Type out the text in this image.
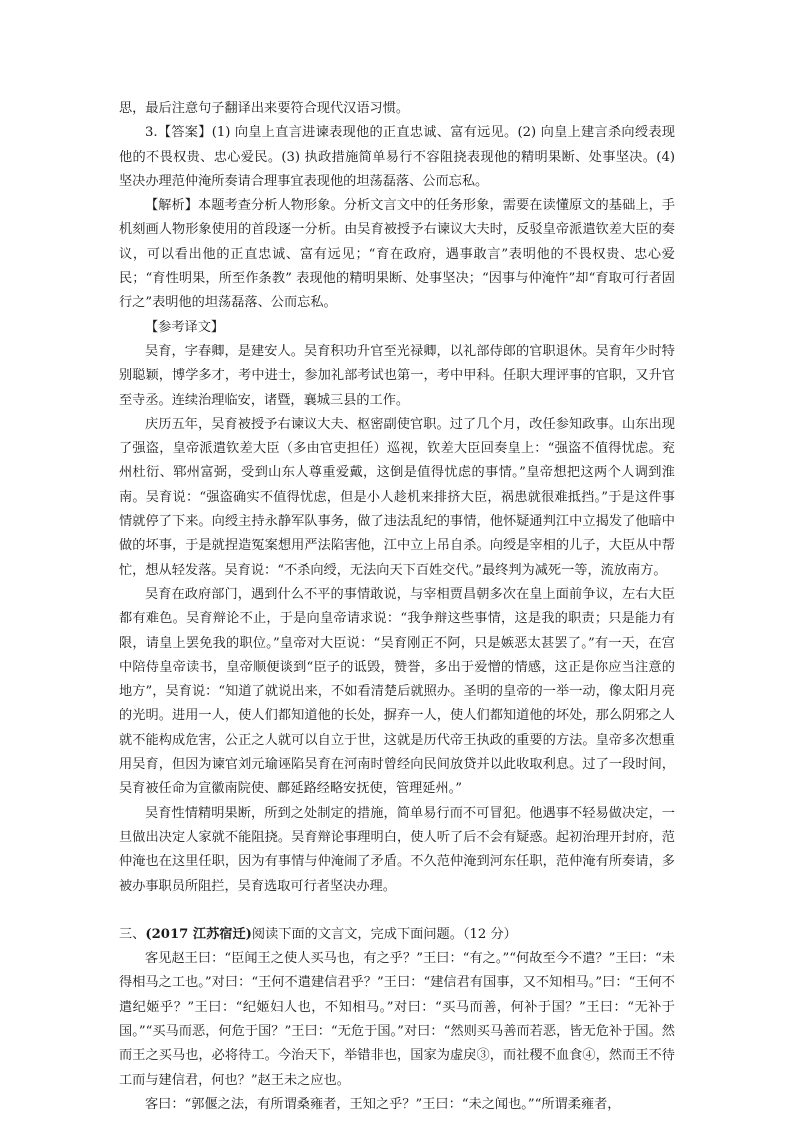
思，最后注意句子翻译出来要符合现代汉语习惯。

3.【答案】(1) 向皇上直言进谏表现他的正直忠诚、富有远见。(2) 向皇上建言杀向绶表现他的不畏权贵、忠心爱民。(3) 执政措施简单易行不容阻挠表现他的精明果断、处事坚决。(4) 坚决办理范仲淹所奏请合理事宜表现他的坦荡磊落、公而忘私。

【解析】本题考查分析人物形象。分析文言文中的任务形象，需要在读懂原文的基础上，手机刻画人物形象使用的首段逐一分析。由吴育被授予右谏议大夫时，反驳皇帝派遣钦差大臣的奏议，可以看出他的正直忠诚、富有远见；“育在政府，遇事敢言”表明他的不畏权贵、忠心爱民；“育性明果，所至作条教” 表现他的精明果断、处事坚决；“因事与仲淹忤”却“育取可行者固行之”表明他的坦荡磊落、公而忘私。

【参考译文】

吴育，字春卿，是建安人。吴育积功升官至光禄卿，以礼部侍郎的官职退休。吴育年少时特别聪颖，博学多才，考中进士，参加礼部考试也第一，考中甲科。任职大理评事的官职，又升官至寺丞。连续治理临安，诸暨，襄城三县的工作。

庆历五年，吴育被授予右谏议大夫、枢密副使官职。过了几个月，改任参知政事。山东出现了强盗，皇帝派遣钦差大臣（多由官吏担任）巡视，钦差大臣回奏皇上：“强盗不值得忧虑。兖州杜衍、郓州富弼，受到山东人尊重爱戴，这倒是值得忧虑的事情。”皇帝想把这两个人调到淮南。吴育说：“强盗确实不值得忧虑，但是小人趁机来排挤大臣，祸患就很难抵挡。”于是这件事情就停了下来。向绶主持永静军队事务，做了违法乱纪的事情，他怀疑通判江中立揭发了他暗中做的坏事，于是就捏造冤案想用严法陷害他，江中立上吊自杀。向绶是宰相的儿子，大臣从中帮忙，想从轻发落。吴育说：“不杀向绶，无法向天下百姓交代。”最终判为减死一等，流放南方。

吴育在政府部门，遇到什么不平的事情敢说，与宰相贾昌朝多次在皇上面前争议，左右大臣都有难色。吴育辩论不止，于是向皇帝请求说：“我争辩这些事情，这是我的职责；只是能力有限，请皇上罢免我的职位。”皇帝对大臣说：“吴育刚正不阿，只是嫉恶太甚罢了。”有一天，在宫中陪侍皇帝读书，皇帝顺便谈到“臣子的诋毁，赞誉，多出于爱憎的情感，这正是你应当注意的地方”，吴育说：“知道了就说出来，不如看清楚后就照办。圣明的皇帝的一举一动，像太阳月亮的光明。进用一人，使人们都知道他的长处，摒弃一人，使人们都知道他的坏处，那么阴邪之人就不能构成危害，公正之人就可以自立于世，这就是历代帝王执政的重要的方法。皇帝多次想重用吴育，但因为谏官刘元瑜诬陷吴育在河南时曾经向民间放贷并以此收取利息。过了一段时间，吴育被任命为宣徽南院使、鄜延路经略安抚使，管理延州。”

吴育性情精明果断，所到之处制定的措施，简单易行而不可冒犯。他遇事不轻易做决定，一旦做出决定人家就不能阻挠。吴育辩论事理明白，使人听了后不会有疑惑。起初治理开封府，范仲淹也在这里任职，因为有事情与仲淹闹了矛盾。不久范仲淹到河东任职，范仲淹有所奏请，多被办事职员所阻拦，吴育选取可行者坚决办理。

三、(2017 江苏宿迁)阅读下面的文言文，完成下面问题。（12 分）

客见赵王曰：“臣闻王之使人买马也，有之乎？”王曰：“有之。”“何故至今不遣？”王曰：“未得相马之工也。”对曰：“王何不遣建信君乎？”王曰：“建信君有国事，又不知相马。”曰：“王何不遣纪姬乎？”王曰：“纪姬妇人也，不知相马。”对曰：“买马而善，何补于国？”王曰：“无补于国。”“买马而恶，何危于国？”王曰：“无危于国。”对曰：“然则买马善而若恶，皆无危补于国。然而王之买马也，必将待工。今治天下，举错非也，国家为虚戾③，而社稷不血食④，然而王不待工而与建信君，何也？”赵王未之应也。

客曰：“郭偃之法，有所谓桑雍者，王知之乎？”王曰：“未之闻也。”“所谓柔雍者，
